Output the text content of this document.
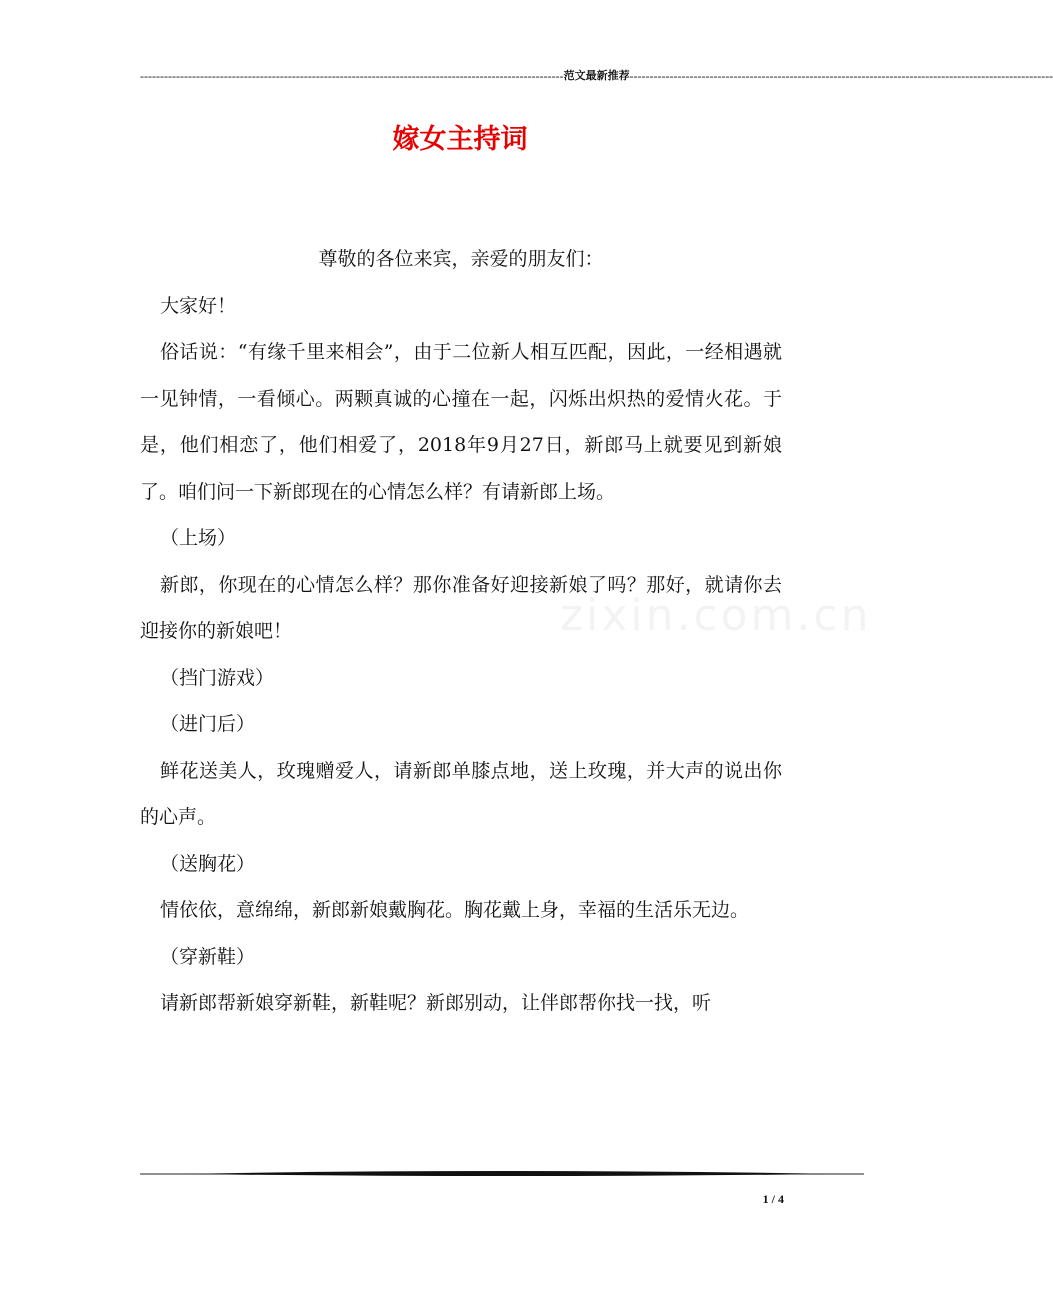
---------------------------------------------------------------------------------------------------------- 范文最新推荐 ----------------------------------------------------------------------------------------------------------
嫁女主持词
zixin.com.cn

尊敬的各位来宾，亲爱的朋友们：

大家好！

俗话说：“有缘千里来相会”，由于二位新人相互匹配，因此，一经相遇就一见钟情，一看倾心。两颗真诚的心撞在一起，闪烁出炽热的爱情火花。于是，他们相恋了，他们相爱了，2018年9月27日，新郎马上就要见到新娘了。咱们问一下新郎现在的心情怎么样？有请新郎上场。

（上场）

新郎，你现在的心情怎么样？那你准备好迎接新娘了吗？那好，就请你去迎接你的新娘吧！

（挡门游戏）

（进门后）

鲜花送美人，玫瑰赠爱人，请新郎单膝点地，送上玫瑰，并大声的说出你的心声。

（送胸花）

情依依，意绵绵，新郎新娘戴胸花。胸花戴上身，幸福的生活乐无边。

（穿新鞋）

请新郎帮新娘穿新鞋，新鞋呢？新郎别动，让伴郎帮你找一找，听

1 / 4
